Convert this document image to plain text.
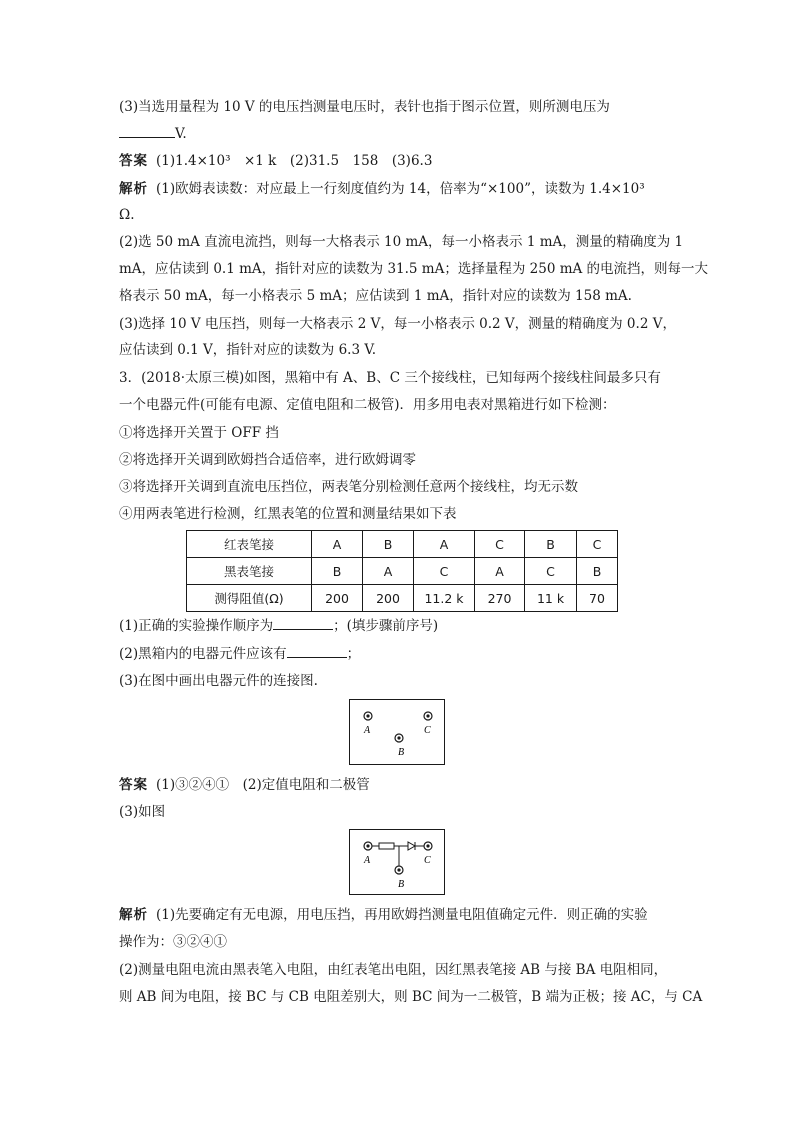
(3)当选用量程为 10 V 的电压挡测量电压时，表针也指于图示位置，则所测电压为
V.
答案 (1)1.4×10³　×1 k　(2)31.5　158　(3)6.3
解析 (1)欧姆表读数：对应最上一行刻度值约为 14，倍率为“×100”，读数为 1.4×10³
Ω.
(2)选 50 mA 直流电流挡，则每一大格表示 10 mA，每一小格表示 1 mA，测量的精确度为 1
mA，应估读到 0.1 mA，指针对应的读数为 31.5 mA；选择量程为 250 mA 的电流挡，则每一大
格表示 50 mA，每一小格表示 5 mA；应估读到 1 mA，指针对应的读数为 158 mA.
(3)选择 10 V 电压挡，则每一大格表示 2 V，每一小格表示 0.2 V，测量的精确度为 0.2 V，
应估读到 0.1 V，指针对应的读数为 6.3 V.
3．(2018·太原三模)如图，黑箱中有 A、B、C 三个接线柱，已知每两个接线柱间最多只有
一个电器元件(可能有电源、定值电阻和二极管)．用多用电表对黑箱进行如下检测：
①将选择开关置于 OFF 挡
②将选择开关调到欧姆挡合适倍率，进行欧姆调零
③将选择开关调到直流电压挡位，两表笔分别检测任意两个接线柱，均无示数
④用两表笔进行检测，红黑表笔的位置和测量结果如下表
红表笔接	A	B	A	C	B	C
黑表笔接	B	A	C	A	C	B
测得阻值(Ω)	200	200	11.2 k	270	11 k	70
(1)正确的实验操作顺序为	；(填步骤前序号)
(2)黑箱内的电器元件应该有	；
(3)在图中画出电器元件的连接图.
A	C
B
答案 (1)③②④①　(2)定值电阻和二极管
(3)如图
A	C
B
解析 (1)先要确定有无电源，用电压挡，再用欧姆挡测量电阻值确定元件．则正确的实验
操作为：③②④①
(2)测量电阻电流由黑表笔入电阻，由红表笔出电阻，因红黑表笔接 AB 与接 BA 电阻相同，
则 AB 间为电阻，接 BC 与 CB 电阻差别大，则 BC 间为一二极管，B 端为正极；接 AC，与 CA
